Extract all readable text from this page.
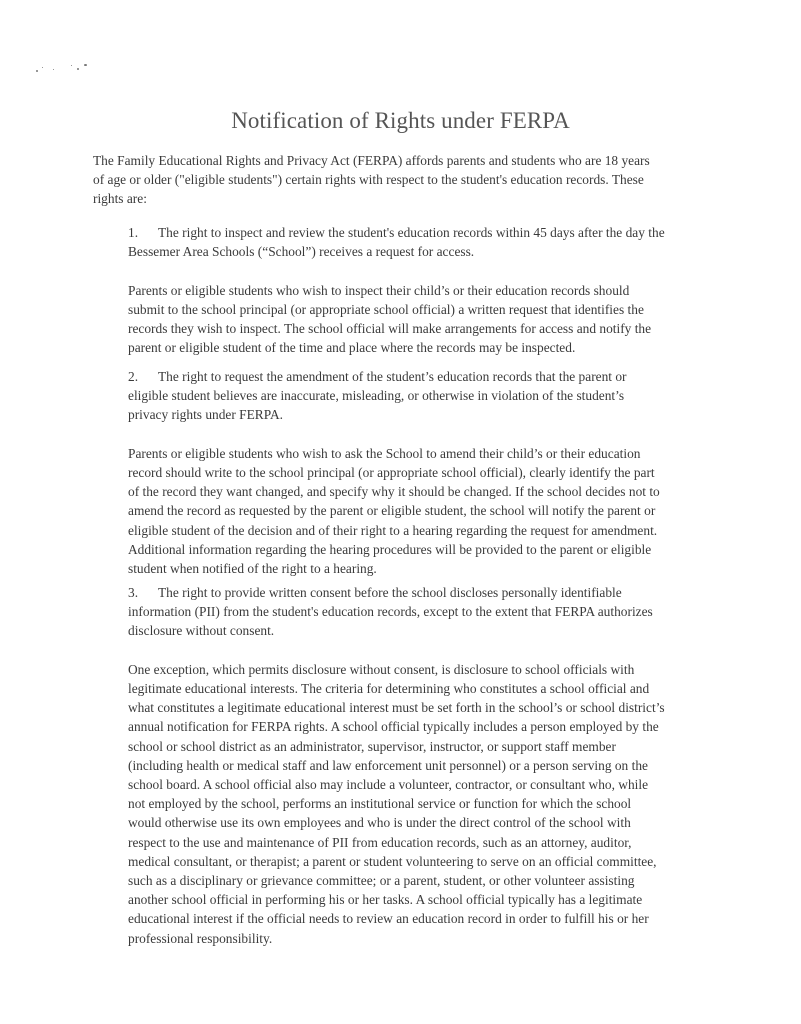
Notification of Rights under FERPA
The Family Educational Rights and Privacy Act (FERPA) affords parents and students who are 18 years
of age or older ("eligible students") certain rights with respect to the student's education records. These
rights are:
1. The right to inspect and review the student's education records within 45 days after the day the
Bessemer Area Schools (“School”) receives a request for access.
Parents or eligible students who wish to inspect their child’s or their education records should
submit to the school principal (or appropriate school official) a written request that identifies the
records they wish to inspect. The school official will make arrangements for access and notify the
parent or eligible student of the time and place where the records may be inspected.
2. The right to request the amendment of the student’s education records that the parent or
eligible student believes are inaccurate, misleading, or otherwise in violation of the student’s
privacy rights under FERPA.
Parents or eligible students who wish to ask the School to amend their child’s or their education
record should write to the school principal (or appropriate school official), clearly identify the part
of the record they want changed, and specify why it should be changed. If the school decides not to
amend the record as requested by the parent or eligible student, the school will notify the parent or
eligible student of the decision and of their right to a hearing regarding the request for amendment.
Additional information regarding the hearing procedures will be provided to the parent or eligible
student when notified of the right to a hearing.
3. The right to provide written consent before the school discloses personally identifiable
information (PII) from the student's education records, except to the extent that FERPA authorizes
disclosure without consent.
One exception, which permits disclosure without consent, is disclosure to school officials with
legitimate educational interests. The criteria for determining who constitutes a school official and
what constitutes a legitimate educational interest must be set forth in the school’s or school district’s
annual notification for FERPA rights. A school official typically includes a person employed by the
school or school district as an administrator, supervisor, instructor, or support staff member
(including health or medical staff and law enforcement unit personnel) or a person serving on the
school board. A school official also may include a volunteer, contractor, or consultant who, while
not employed by the school, performs an institutional service or function for which the school
would otherwise use its own employees and who is under the direct control of the school with
respect to the use and maintenance of PII from education records, such as an attorney, auditor,
medical consultant, or therapist; a parent or student volunteering to serve on an official committee,
such as a disciplinary or grievance committee; or a parent, student, or other volunteer assisting
another school official in performing his or her tasks. A school official typically has a legitimate
educational interest if the official needs to review an education record in order to fulfill his or her
professional responsibility.
